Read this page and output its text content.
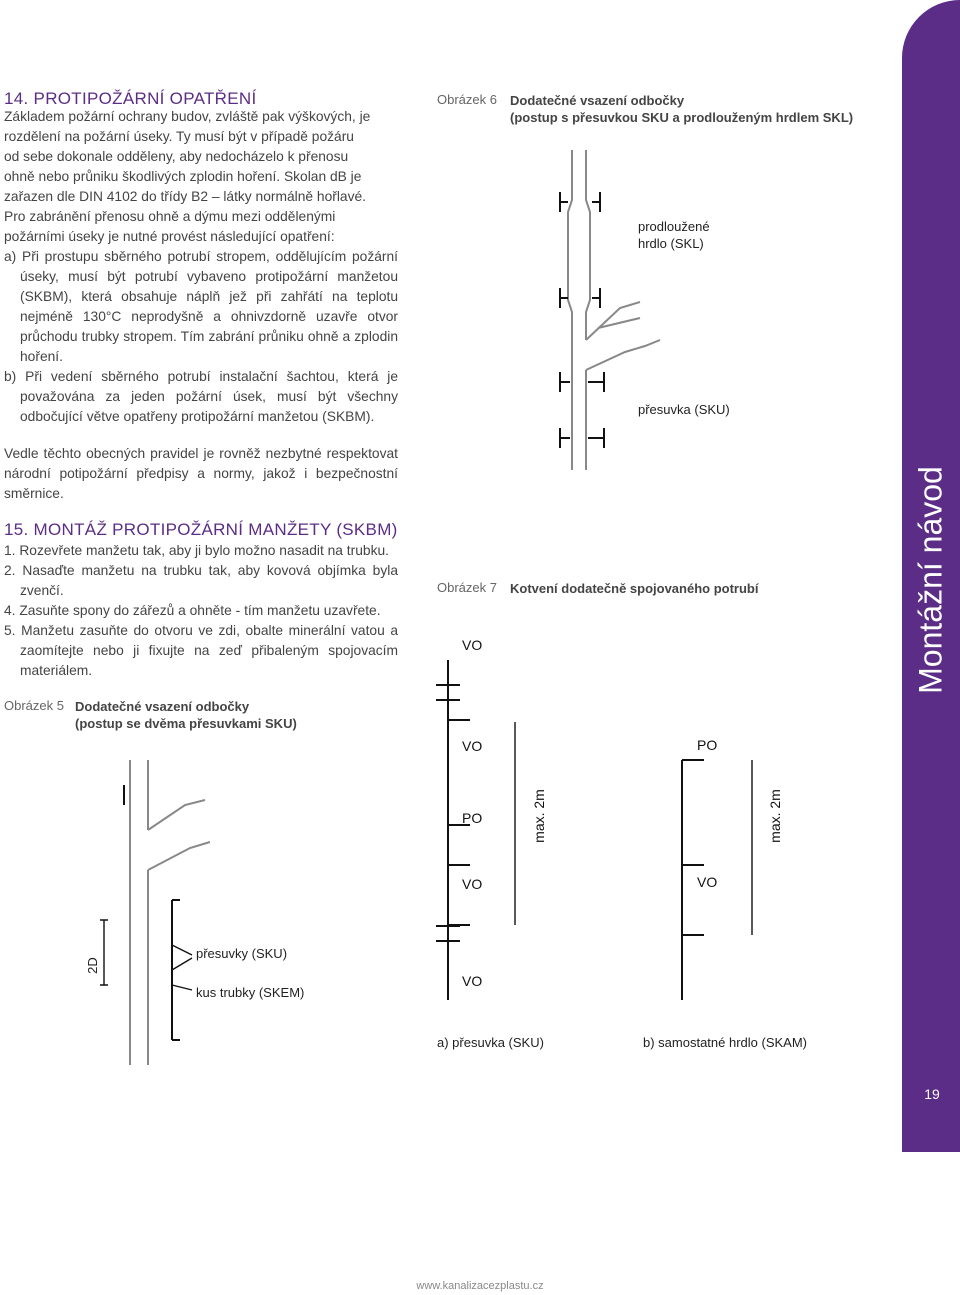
Montážní návod
19
14. PROTIPOŽÁRNÍ OPATŘENÍ
Základem požární ochrany budov, zvláště pak výškových, je
rozdělení na požární úseky. Ty musí být v případě požáru
od sebe dokonale odděleny, aby nedocházelo k přenosu
ohně nebo průniku škodlivých zplodin hoření. Skolan dB je
zařazen dle DIN 4102 do třídy B2 – látky normálně hořlavé.
Pro zabránění přenosu ohně a dýmu mezi oddělenými
požárními úseky je nutné provést následující opatření:
a) Při prostupu sběrného potrubí stropem, oddělujícím požární úseky, musí být potrubí vybaveno protipožární manžetou (SKBM), která obsahuje náplň jež při zahřátí na teplotu nejméně 130°C neprodyšně a ohnivzdorně uzavře otvor průchodu trubky stropem. Tím zabrání průniku ohně a zplodin hoření.
b) Při vedení sběrného potrubí instalační šachtou, která je považována za jeden požární úsek, musí být všechny odbočující větve opatřeny protipožární manžetou (SKBM).
Vedle těchto obecných pravidel je rovněž nezbytné respektovat národní potipožární předpisy a normy, jakož i bezpečnostní směrnice.
15. MONTÁŽ PROTIPOŽÁRNÍ MANŽETY (SKBM)
1. Rozevřete manžetu tak, aby ji bylo možno nasadit na trubku.
2. Nasaďte manžetu na trubku tak, aby kovová objímka byla zvenčí.
4. Zasuňte spony do zářezů a ohněte - tím manžetu uzavřete.
5. Manžetu zasuňte do otvoru ve zdi, obalte minerální vatou a zaomítejte nebo ji fixujte na zeď přibaleným spojovacím materiálem.
Obrázek 5 Dodatečné vsazení odbočky
(postup se dvěma přesuvkami SKU)
Obrázek 6 Dodatečné vsazení odbočky
(postup s přesuvkou SKU a prodlouženým hrdlem SKL)
Obrázek 7 Kotvení dodatečně spojovaného potrubí
2D
přesuvky (SKU)
kus trubky (SKEM)
prodloužené
hrdlo (SKL)
přesuvka (SKU)
VO
VO
PO
VO
VO
PO
VO
max. 2m	max. 2m
a) přesuvka (SKU)	b) samostatné hrdlo (SKAM)
www.kanalizacezplastu.cz
